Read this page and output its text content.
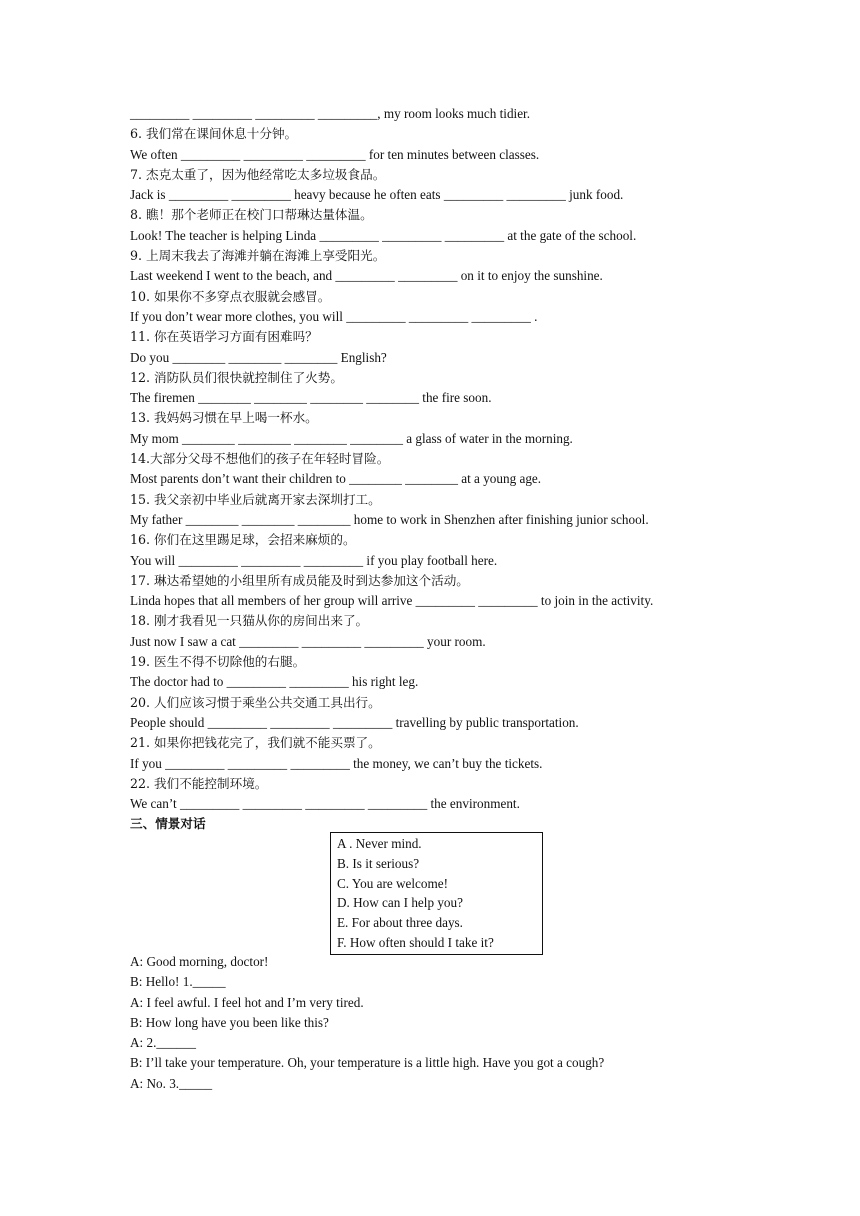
_________ _________ _________ _________, my room looks much tidier.
6. 我们常在课间休息十分钟。
We often _________ _________ _________ for ten minutes between classes.
7. 杰克太重了，因为他经常吃太多垃圾食品。
Jack is _________ _________ heavy because he often eats _________ _________ junk food.
8. 瞧！那个老师正在校门口帮琳达量体温。
Look! The teacher is helping Linda _________ _________ _________ at the gate of the school.
9. 上周末我去了海滩并躺在海滩上享受阳光。
Last weekend I went to the beach, and _________ _________ on it to enjoy the sunshine.
10. 如果你不多穿点衣服就会感冒。
If you don’t wear more clothes, you will _________ _________ _________ .
11. 你在英语学习方面有困难吗？
Do you ________ ________ ________ English?
12. 消防队员们很快就控制住了火势。
The firemen ________ ________ ________ ________ the fire soon.
13. 我妈妈习惯在早上喝一杯水。
My mom ________ ________ ________ ________ a glass of water in the morning.
14.大部分父母不想他们的孩子在年轻时冒险。
Most parents don’t want their children to ________ ________ at a young age.
15. 我父亲初中毕业后就离开家去深圳打工。
My father ________ ________ ________ home to work in Shenzhen after finishing junior school.
16. 你们在这里踢足球，会招来麻烦的。
You will _________ _________ _________ if you play football here.
17. 琳达希望她的小组里所有成员能及时到达参加这个活动。
Linda hopes that all members of her group will arrive _________ _________ to join in the activity.
18. 刚才我看见一只猫从你的房间出来了。
Just now I saw a cat _________ _________ _________ your room.
19. 医生不得不切除他的右腿。
The doctor had to _________ _________ his right leg.
20. 人们应该习惯于乘坐公共交通工具出行。
People should _________ _________ _________ travelling by public transportation.
21. 如果你把钱花完了，我们就不能买票了。
If you _________ _________ _________ the money, we can’t buy the tickets.
22. 我们不能控制环境。
We can’t _________ _________ _________ _________ the environment.
三、情景对话
A . Never mind.
B. Is it serious?
C. You are welcome!
D. How can I help you?
E. For about three days.
F. How often should I take it?
A: Good morning, doctor!
B: Hello! 1._____
A: I feel awful. I feel hot and I’m very tired.
B: How long have you been like this?
A: 2.______
B: I’ll take your temperature. Oh, your temperature is a little high. Have you got a cough?
A: No. 3._____
